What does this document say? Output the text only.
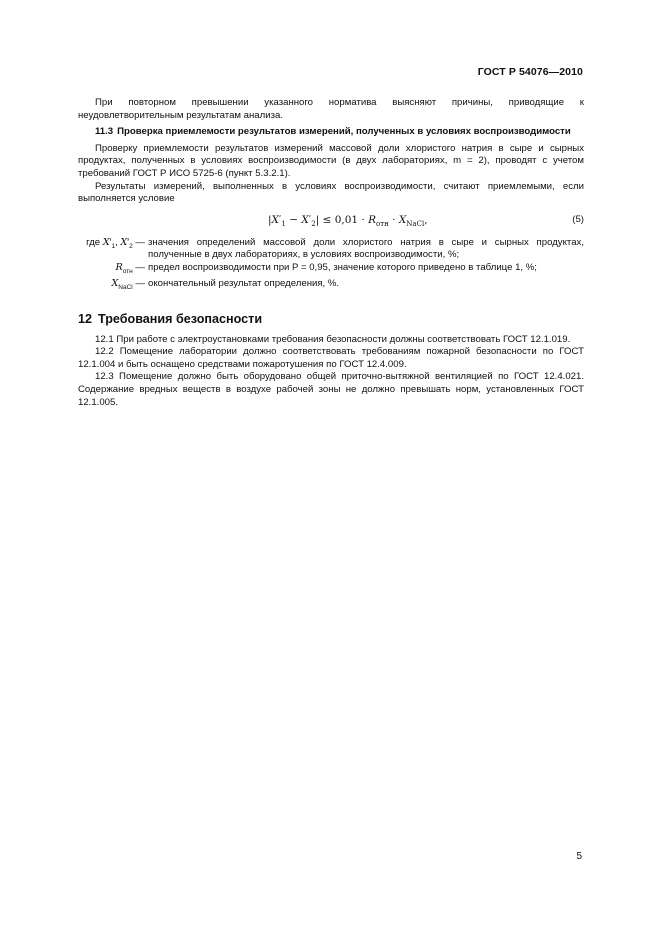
ГОСТ Р 54076—2010

При повторном превышении указанного норматива выясняют причины, приводящие к неудовлетворительным результатам анализа.

11.3 Проверка приемлемости результатов измерений, полученных в условиях воспроизводимости

Проверку приемлемости результатов измерений массовой доли хлористого натрия в сыре и сырных продуктах, полученных в условиях воспроизводимости (в двух лабораториях, m = 2), проводят с учетом требований ГОСТ Р ИСО 5725-6 (пункт 5.3.2.1).

Результаты измерений, выполненных в условиях воспроизводимости, считают приемлемыми, если выполняется условие

$|X'_1 - X'_2| \le 0,01 \cdot R_{отн} \cdot X_{NaCl}$,	(5)
где $X'_1$, $X'_2$ — значения определений массовой доли хлористого натрия в сыре и сырных продуктах, полученные в двух лабораториях, в условиях воспроизводимости, %;
$R_{отн}$ — предел воспроизводимости при P = 0,95, значение которого приведено в таблице 1, %;
$X_{NaCl}$ — окончательный результат определения, %.
12 Требования безопасности

12.1 При работе с электроустановками требования безопасности должны соответствовать ГОСТ 12.1.019.

12.2 Помещение лаборатории должно соответствовать требованиям пожарной безопасности по ГОСТ 12.1.004 и быть оснащено средствами пожаротушения по ГОСТ 12.4.009.

12.3 Помещение должно быть оборудовано общей приточно-вытяжной вентиляцией по ГОСТ 12.4.021. Содержание вредных веществ в воздухе рабочей зоны не должно превышать норм, установленных ГОСТ 12.1.005.

5
